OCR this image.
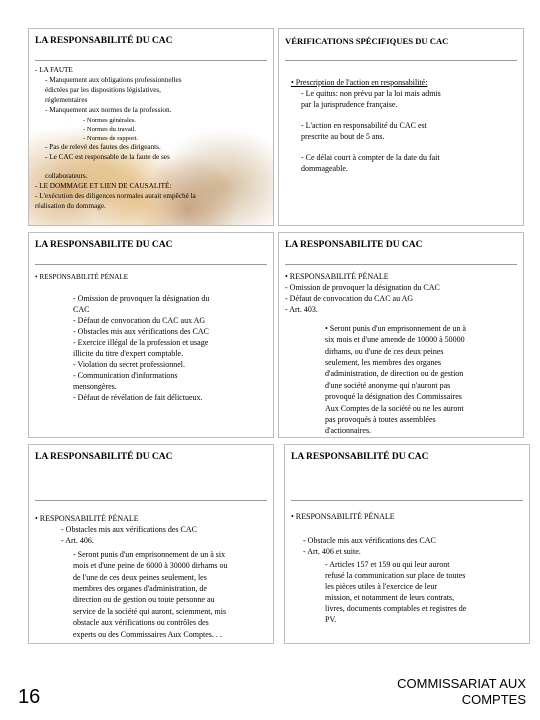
LA RESPONSABILITÉ DU CAC

- LA FAUTE

- Manquement aux obligations professionnelles

édictées par les dispositions législatives,

réglementaires

- Manquement aux normes de la profession.

- Normes générales.

- Normes du travail.

- Normes de rapport.

- Pas de relevé des fautes des dirigeants.

- Le CAC est responsable de la faute de ses

collaborateurs.

- LE DOMMAGE ET LIEN DE CAUSALITÉ:

- L'exécution des diligences normales aurait empêché la

réalisation du dommage.

VÉRIFICATIONS SPÉCIFIQUES DU CAC

• Prescription de l'action en responsabilité:

- Le quitus: non prévu par la loi mais admis

par la jurisprudence française.

- L'action en responsabilité du CAC est

prescrite au bout de 5 ans.

- Ce délai court à compter de la date du fait

dommageable.

LA RESPONSABILITE DU CAC

• RESPONSABILITÉ PÉNALE

- Omission de provoquer la désignation du

CAC

- Défaut de convocation du CAC aux AG

- Obstacles mis aux vérifications des CAC

- Exercice illégal de la profession et usage

illicite du titre d'expert comptable.

- Violation du secret professionnel.

- Communication d'informations

mensongères.

- Défaut de révélation de fait délictueux.

LA RESPONSABILITE DU CAC

• RESPONSABILITÉ PÉNALE

- Omission de provoquer la désignation du CAC

- Défaut de convocation du CAC au AG

- Art. 403.

• Seront punis d'un emprisonnement de un à

six mois et d'une amende de 10000 à 50000

dirhams, ou d'une de ces deux peines

seulement, les membres des organes

d'administration, de direction ou de gestion

d'une société anonyme qui n'auront pas

provoqué la désignation des Commissaires

Aux Comptes de la société ou ne les auront

pas provoqués à toutes assemblées

d'actionnaires.

LA RESPONSABILITÉ DU CAC

• RESPONSABILITÉ PÉNALE

- Obstacles mis aux vérifications des CAC

- Art. 406.

- Seront punis d'un emprisonnement de un à six

mois et d'une peine de 6000 à 30000 dirhams ou

de l'une de ces deux peines seulement, les

membres des organes d'administration, de

direction ou de gestion ou toute personne au

service de la société qui auront, sciemment, mis

obstacle aux vérifications ou contrôles des

experts ou des Commissaires Aux Comptes. . .

LA RESPONSABILITÉ DU CAC

• RESPONSABILITÉ PÉNALE

- Obstacle mis aux vérifications des CAC

- Art. 406 et suite.

- Articles 157 et 159 ou qui leur auront

refusé la communication sur place de toutes

les pièces utiles à l'exercice de leur

mission, et notamment de leurs contrats,

livres, documents comptables et registres de

PV.

16
COMMISSARIAT AUX
COMPTES
